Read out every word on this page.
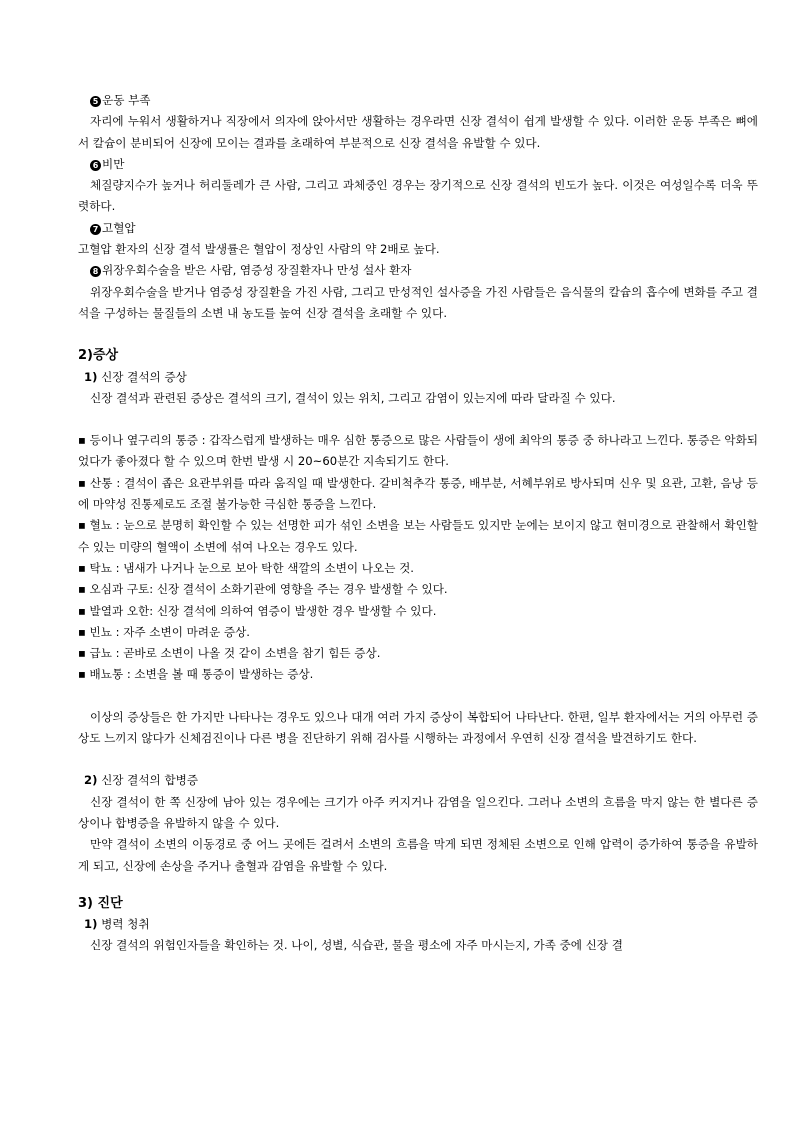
5 운동 부족

자리에 누워서 생활하거나 직장에서 의자에 앉아서만 생활하는 경우라면 신장 결석이 쉽게 발생할 수 있다. 이러한 운동 부족은 뼈에서 칼슘이 분비되어 신장에 모이는 결과를 초래하여 부분적으로 신장 결석을 유발할 수 있다.

6 비만

체질량지수가 높거나 허리둘레가 큰 사람, 그리고 과체중인 경우는 장기적으로 신장 결석의 빈도가 높다. 이것은 여성일수록 더욱 뚜렷하다.

7 고혈압

고혈압 환자의 신장 결석 발생률은 혈압이 정상인 사람의 약 2배로 높다.

8 위장우회수술을 받은 사람, 염증성 장질환자나 만성 설사 환자

위장우회수술을 받거나 염증성 장질환을 가진 사람, 그리고 만성적인 설사증을 가진 사람들은 음식물의 칼슘의 흡수에 변화를 주고 결석을 구성하는 물질들의 소변 내 농도를 높여 신장 결석을 초래할 수 있다.

2)증상

1) 신장 결석의 증상

신장 결석과 관련된 증상은 결석의 크기, 결석이 있는 위치, 그리고 감염이 있는지에 따라 달라질 수 있다.

▪ 등이나 옆구리의 통증 : 갑작스럽게 발생하는 매우 심한 통증으로 많은 사람들이 생에 최악의 통증 중 하나라고 느낀다. 통증은 악화되었다가 좋아졌다 할 수 있으며 한번 발생 시 20~60분간 지속되기도 한다.

▪ 산통 : 결석이 좁은 요관부위를 따라 움직일 때 발생한다. 갈비척추각 통증, 배부분, 서혜부위로 방사되며 신우 및 요관, 고환, 음낭 등에 마약성 진통제로도 조절 불가능한 극심한 통증을 느낀다.

▪ 혈뇨 : 눈으로 분명히 확인할 수 있는 선명한 피가 섞인 소변을 보는 사람들도 있지만 눈에는 보이지 않고 현미경으로 관찰해서 확인할 수 있는 미량의 혈액이 소변에 섞여 나오는 경우도 있다.

▪ 탁뇨 : 냄새가 나거나 눈으로 보아 탁한 색깔의 소변이 나오는 것.

▪ 오심과 구토: 신장 결석이 소화기관에 영향을 주는 경우 발생할 수 있다.

▪ 발열과 오한: 신장 결석에 의하여 염증이 발생한 경우 발생할 수 있다.

▪ 빈뇨 : 자주 소변이 마려운 증상.

▪ 급뇨 : 곧바로 소변이 나올 것 같이 소변을 참기 힘든 증상.

▪ 배뇨통 : 소변을 볼 때 통증이 발생하는 증상.

이상의 증상들은 한 가지만 나타나는 경우도 있으나 대개 여러 가지 증상이 복합되어 나타난다. 한편, 일부 환자에서는 거의 아무런 증상도 느끼지 않다가 신체검진이나 다른 병을 진단하기 위해 검사를 시행하는 과정에서 우연히 신장 결석을 발견하기도 한다.

2) 신장 결석의 합병증

신장 결석이 한 쪽 신장에 남아 있는 경우에는 크기가 아주 커지거나 감염을 일으킨다. 그러나 소변의 흐름을 막지 않는 한 별다른 증상이나 합병증을 유발하지 않을 수 있다.

만약 결석이 소변의 이동경로 중 어느 곳에든 걸려서 소변의 흐름을 막게 되면 정체된 소변으로 인해 압력이 증가하여 통증을 유발하게 되고, 신장에 손상을 주거나 출혈과 감염을 유발할 수 있다.

3) 진단

1) 병력 청취

신장 결석의 위험인자들을 확인하는 것. 나이, 성별, 식습관, 물을 평소에 자주 마시는지, 가족 중에 신장 결
